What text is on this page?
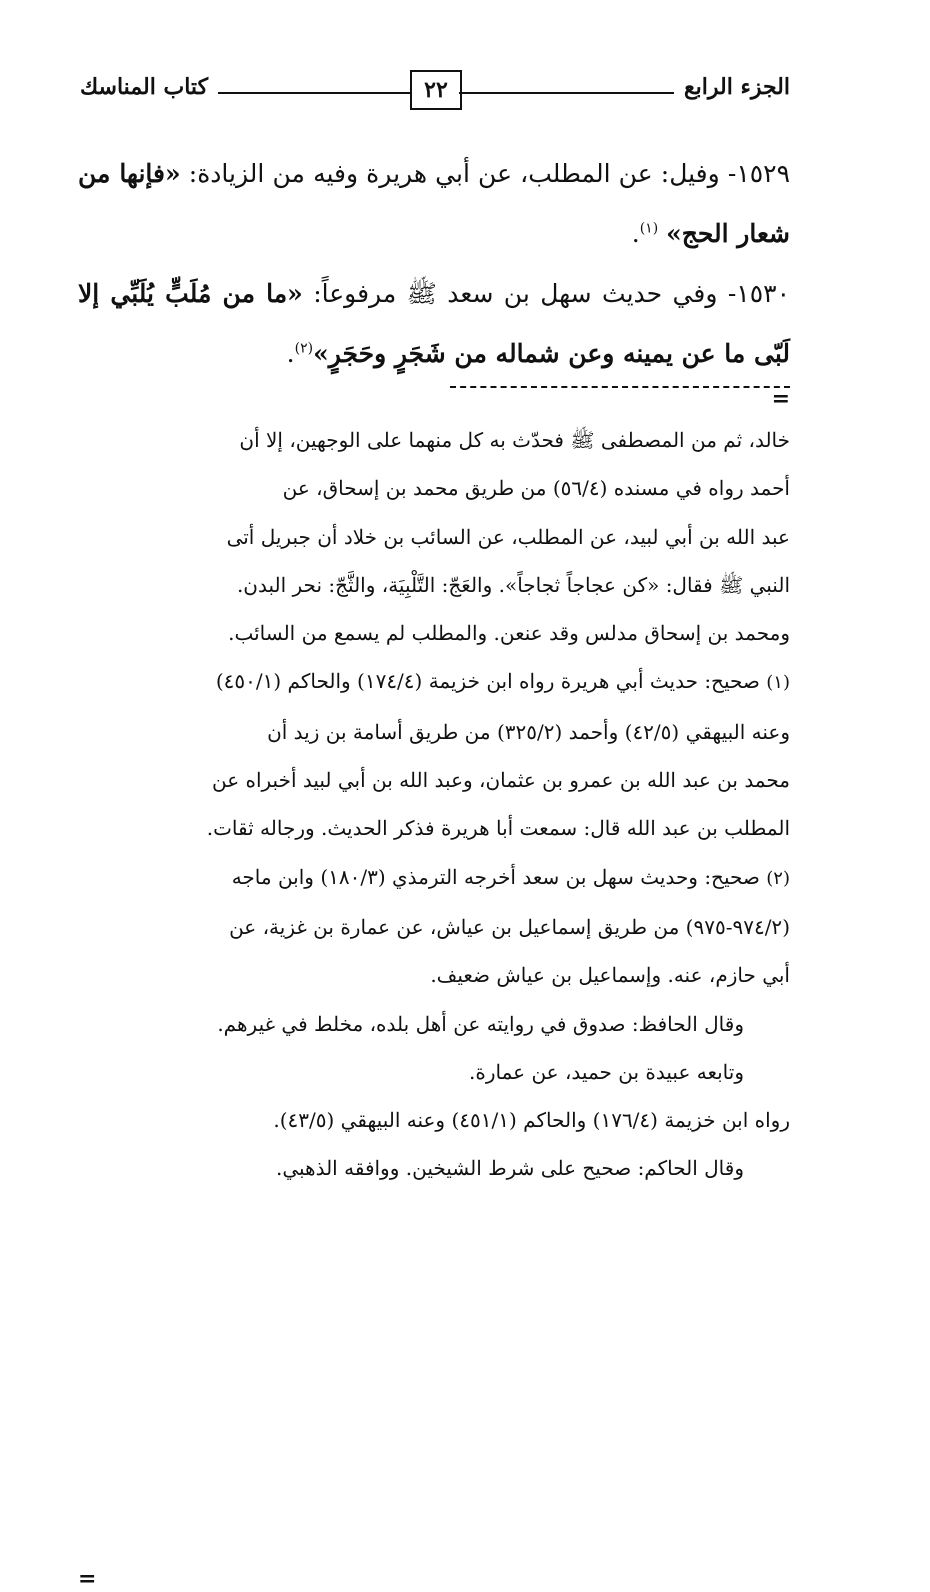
الجزء الرابع
٢٢
كتاب المناسك

١٥٢٩- وفيل: عن المطلب، عن أبي هريرة وفيه من الزيادة: «فإنها من شعار الحج» $^{(١)}$.

١٥٣٠- وفي حديث سهل بن سعد ﷺ مرفوعاً: «ما من مُلَبٍّ يُلَبِّي إلا لَبّى ما عن يمينه وعن شماله من شَجَرٍ وحَجَرٍ»$^{(٢)}$.

=
خالد، ثم من المصطفى ﷺ فحدّث به كل منهما على الوجهين، إلا أن
أحمد رواه في مسنده (٥٦/٤) من طريق محمد بن إسحاق، عن
عبد الله بن أبي لبيد، عن المطلب، عن السائب بن خلاد أن جبريل أتى
النبي ﷺ فقال: «كن عجاجاً ثجاجاً». والعَجّ: التَّلْبِيَة، والثَّجّ: نحر البدن.
ومحمد بن إسحاق مدلس وقد عنعن. والمطلب لم يسمع من السائب.
(١) صحيح: حديث أبي هريرة رواه ابن خزيمة (١٧٤/٤) والحاكم (٤٥٠/١)
وعنه البيهقي (٤٢/٥) وأحمد (٣٢٥/٢) من طريق أسامة بن زيد أن
محمد بن عبد الله بن عمرو بن عثمان، وعبد الله بن أبي لبيد أخبراه عن
المطلب بن عبد الله قال: سمعت أبا هريرة فذكر الحديث. ورجاله ثقات.
(٢) صحيح: وحديث سهل بن سعد أخرجه الترمذي (١٨٠/٣) وابن ماجه
(٩٧٤/٢-٩٧٥) من طريق إسماعيل بن عياش، عن عمارة بن غزية، عن
أبي حازم، عنه. وإسماعيل بن عياش ضعيف.
وقال الحافظ: صدوق في روايته عن أهل بلده، مخلط في غيرهم.
وتابعه عبيدة بن حميد، عن عمارة.
رواه ابن خزيمة (١٧٦/٤) والحاكم (٤٥١/١) وعنه البيهقي (٤٣/٥).
وقال الحاكم: صحيح على شرط الشيخين. ووافقه الذهبي.
=
